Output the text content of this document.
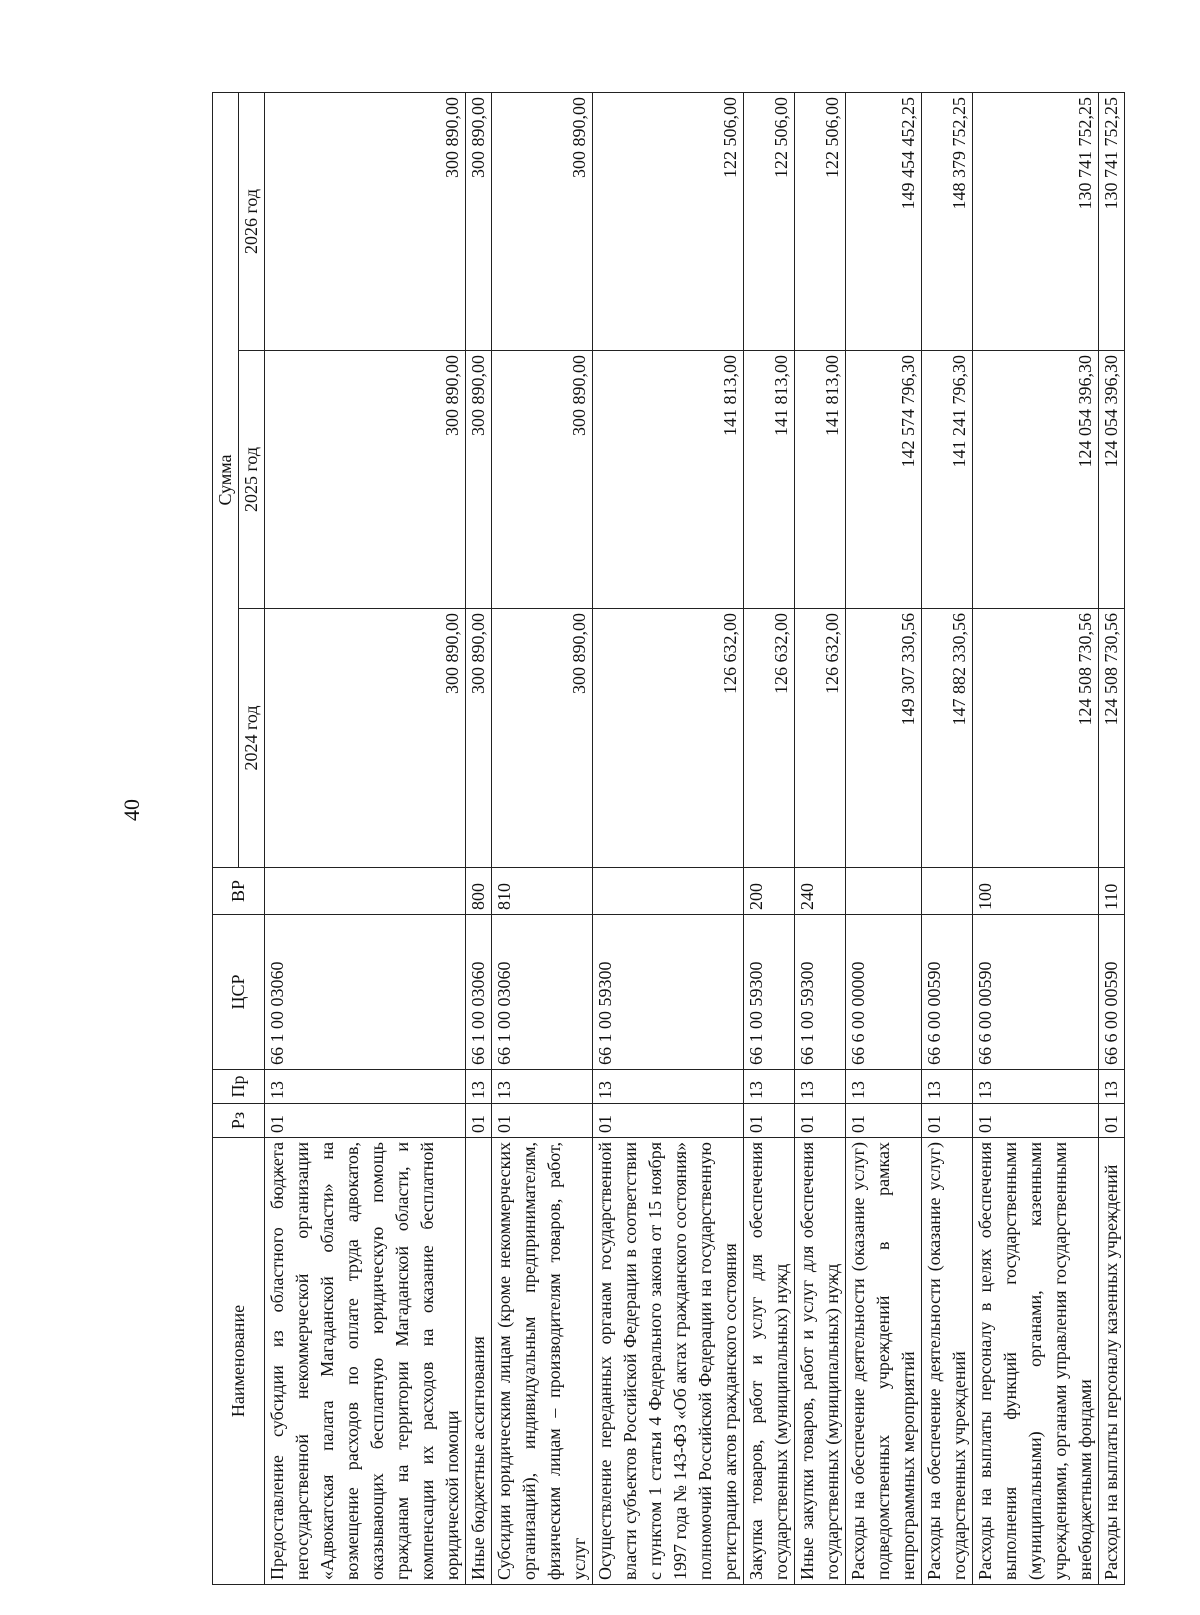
40
Наименование	Рз	Пр	ЦСР	ВР	Сумма		
					2024 год	2025 год	2026 год
Предоставление субсидии из областного бюджета негосударственной некоммерческой организации «Адвокатская палата Магаданской области» на возмещение расходов по оплате труда адвокатов, оказывающих бесплатную юридическую помощь гражданам на территории Магаданской области, и компенсации их расходов на оказание бесплатной юридической помощи	01	13	66 1 00 03060		300 890,00	300 890,00	300 890,00
Иные бюджетные ассигнования	01	13	66 1 00 03060	800	300 890,00	300 890,00	300 890,00
Субсидии юридическим лицам (кроме некоммерческих организаций), индивидуальным предпринимателям, физическим лицам – производителям товаров, работ, услуг	01	13	66 1 00 03060	810	300 890,00	300 890,00	300 890,00
Осуществление переданных органам государственной власти субъектов Российской Федерации в соответствии с пунктом 1 статьи 4 Федерального закона от 15 ноября 1997 года № 143-ФЗ «Об актах гражданского состояния» полномочий Российской Федерации на государственную регистрацию актов гражданского состояния	01	13	66 1 00 59300		126 632,00	141 813,00	122 506,00
Закупка товаров, работ и услуг для обеспечения государственных (муниципальных) нужд	01	13	66 1 00 59300	200	126 632,00	141 813,00	122 506,00
Иные закупки товаров, работ и услуг для обеспечения государственных (муниципальных) нужд	01	13	66 1 00 59300	240	126 632,00	141 813,00	122 506,00
Расходы на обеспечение деятельности (оказание услуг) подведомственных учреждений в рамках непрограммных мероприятий	01	13	66 6 00 00000		149 307 330,56	142 574 796,30	149 454 452,25
Расходы на обеспечение деятельности (оказание услуг) государственных учреждений	01	13	66 6 00 00590		147 882 330,56	141 241 796,30	148 379 752,25
Расходы на выплаты персоналу в целях обеспечения выполнения функций государственными (муниципальными) органами, казенными учреждениями, органами управления государственными внебюджетными фондами	01	13	66 6 00 00590	100	124 508 730,56	124 054 396,30	130 741 752,25
Расходы на выплаты персоналу казенных учреждений	01	13	66 6 00 00590	110	124 508 730,56	124 054 396,30	130 741 752,25
